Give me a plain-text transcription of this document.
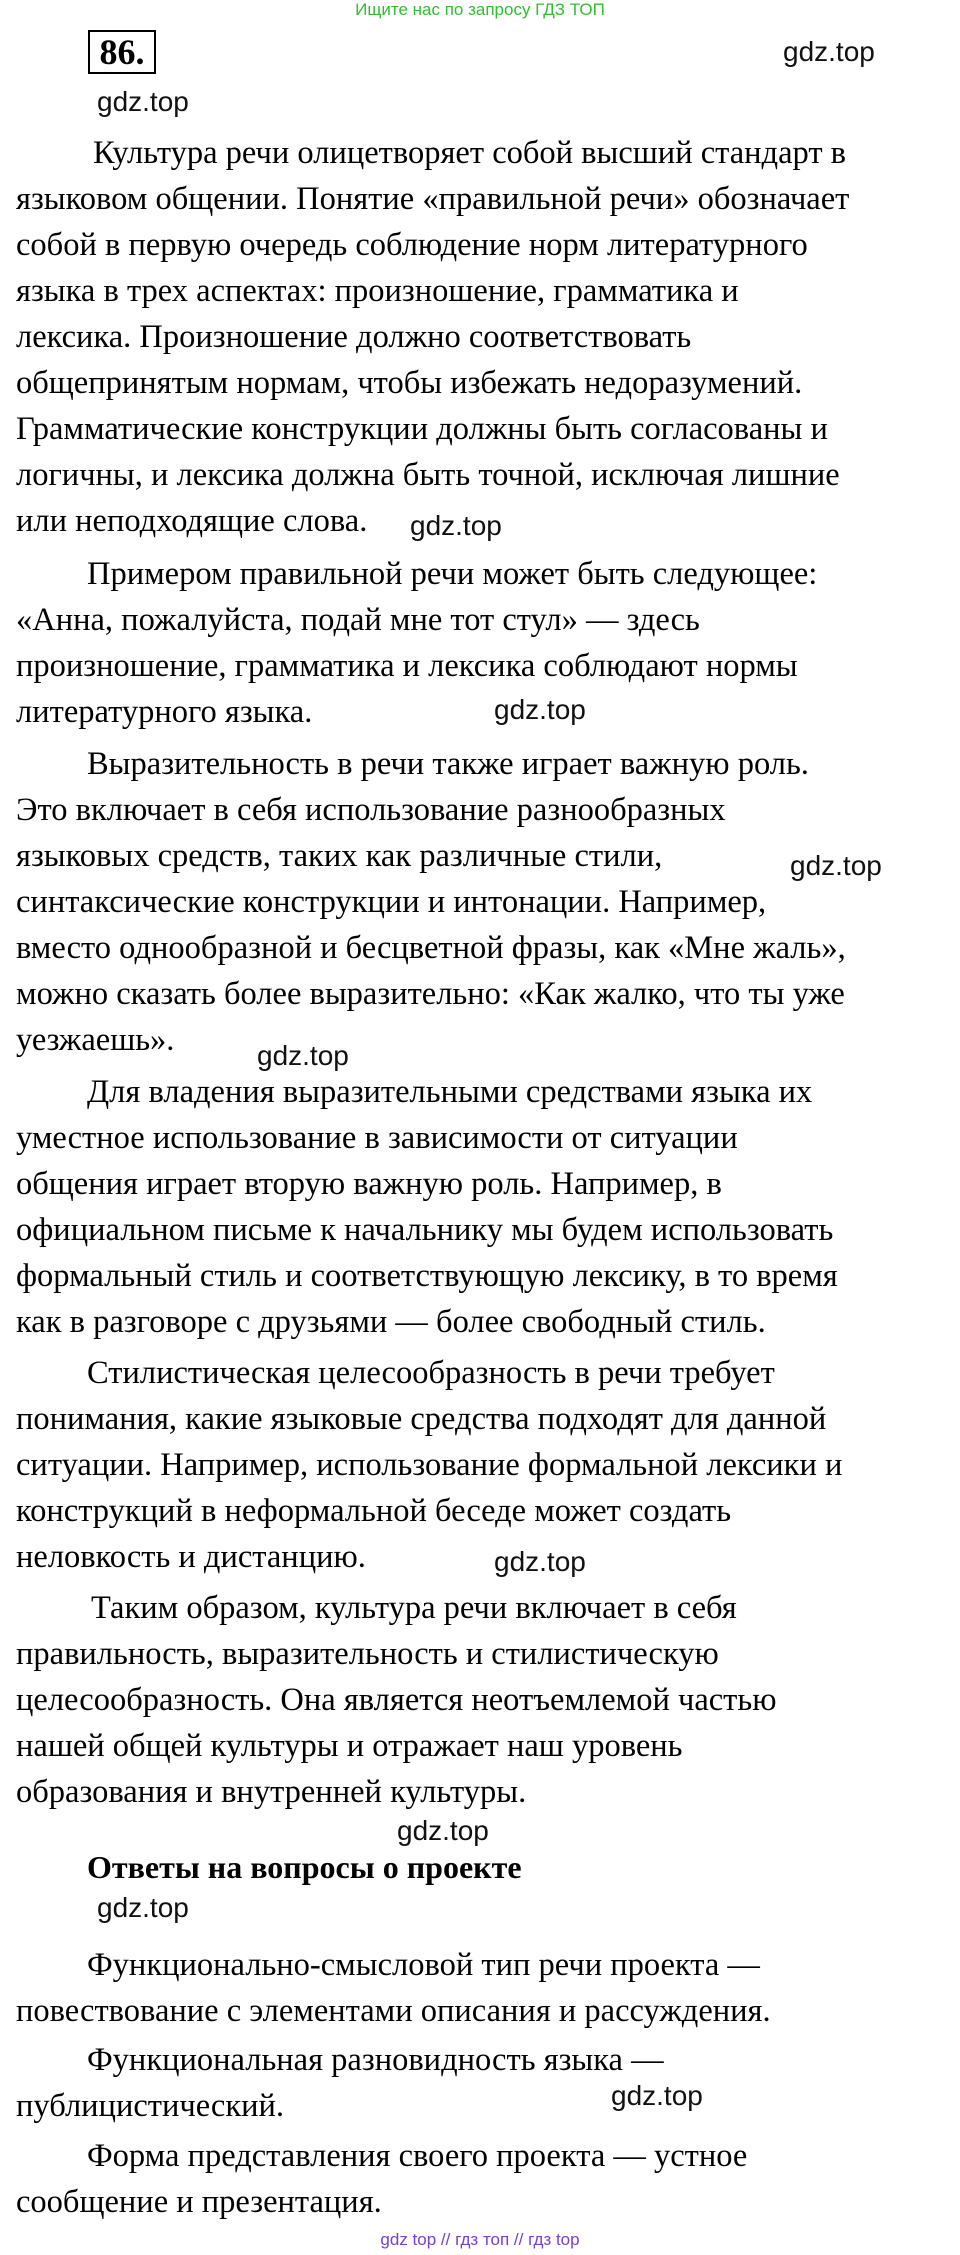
Ищите нас по запросу ГДЗ ТОП
86.	gdz.top
gdz.top
gdz.top
gdz.top
gdz.top
gdz.top
gdz.top
gdz.top
gdz.top
gdz.top
Культура речи олицетворяет собой высший стандарт в
языковом общении. Понятие «правильной речи» обозначает
собой в первую очередь соблюдение норм литературного
языка в трех аспектах: произношение, грамматика и
лексика. Произношение должно соответствовать
общепринятым нормам, чтобы избежать недоразумений.
Грамматические конструкции должны быть согласованы и
логичны, и лексика должна быть точной, исключая лишние
или неподходящие слова.
Примером правильной речи может быть следующее:
«Анна, пожалуйста, подай мне тот стул» — здесь
произношение, грамматика и лексика соблюдают нормы
литературного языка.
Выразительность в речи также играет важную роль.
Это включает в себя использование разнообразных
языковых средств, таких как различные стили,
синтаксические конструкции и интонации. Например,
вместо однообразной и бесцветной фразы, как «Мне жаль»,
можно сказать более выразительно: «Как жалко, что ты уже
уезжаешь».
Для владения выразительными средствами языка их
уместное использование в зависимости от ситуации
общения играет вторую важную роль. Например, в
официальном письме к начальнику мы будем использовать
формальный стиль и соответствующую лексику, в то время
как в разговоре с друзьями — более свободный стиль.
Стилистическая целесообразность в речи требует
понимания, какие языковые средства подходят для данной
ситуации. Например, использование формальной лексики и
конструкций в неформальной беседе может создать
неловкость и дистанцию.
Таким образом, культура речи включает в себя
правильность, выразительность и стилистическую
целесообразность. Она является неотъемлемой частью
нашей общей культуры и отражает наш уровень
образования и внутренней культуры.
Ответы на вопросы о проекте
Функционально-смысловой тип речи проекта —
повествование с элементами описания и рассуждения.
Функциональная разновидность языка —
публицистический.
Форма представления своего проекта — устное
сообщение и презентация.
gdz top // гдз топ // гдз top
